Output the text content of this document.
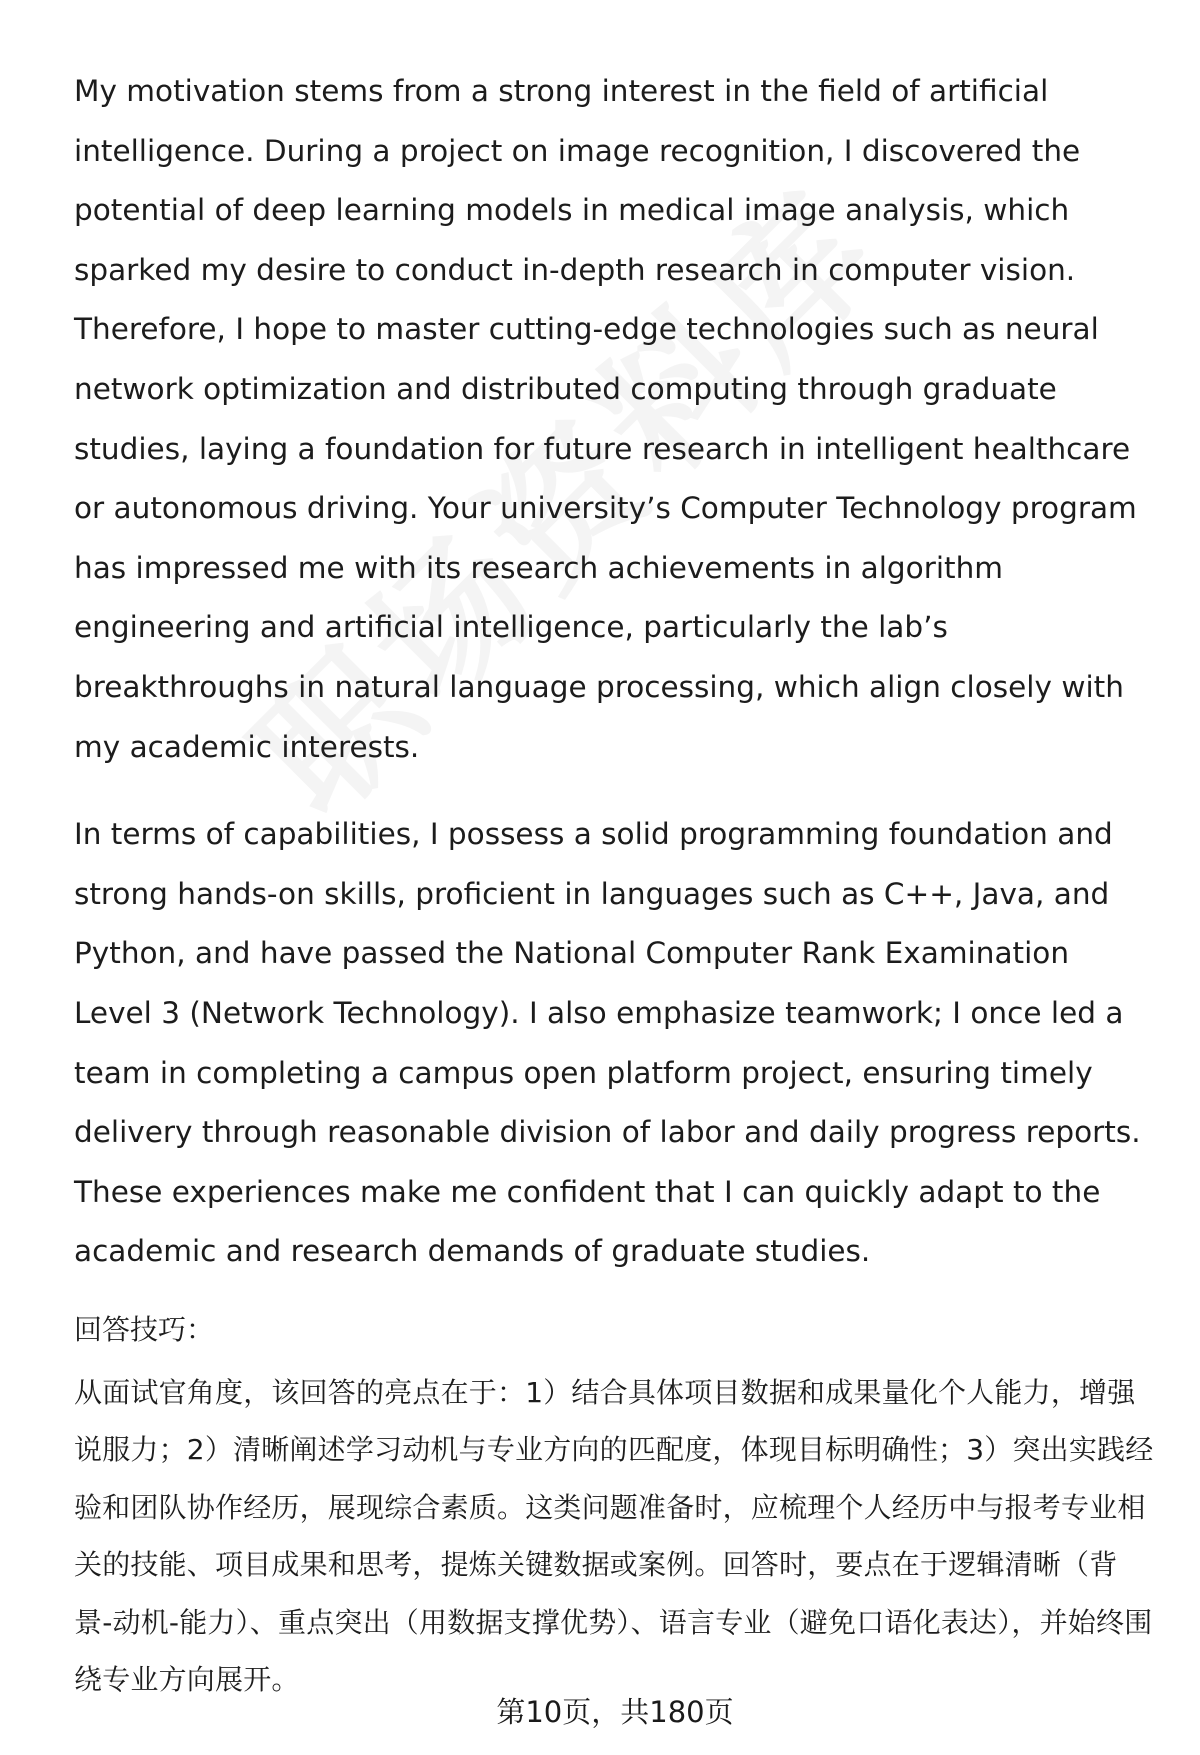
My motivation stems from a strong interest in the field of artificial intelligence. During a project on image recognition, I discovered the potential of deep learning models in medical image analysis, which sparked my desire to conduct in-depth research in computer vision. Therefore, I hope to master cutting-edge technologies such as neural network optimization and distributed computing through graduate studies, laying a foundation for future research in intelligent healthcare or autonomous driving. Your university’s Computer Technology program has impressed me with its research achievements in algorithm engineering and artificial intelligence, particularly the lab’s breakthroughs in natural language processing, which align closely with my academic interests.

In terms of capabilities, I possess a solid programming foundation and strong hands-on skills, proficient in languages such as C++, Java, and Python, and have passed the National Computer Rank Examination Level 3 (Network Technology). I also emphasize teamwork; I once led a team in completing a campus open platform project, ensuring timely delivery through reasonable division of labor and daily progress reports. These experiences make me confident that I can quickly adapt to the academic and research demands of graduate studies.

回答技巧：

从面试官角度，该回答的亮点在于：1）结合具体项目数据和成果量化个人能力，增强说服力；2）清晰阐述学习动机与专业方向的匹配度，体现目标明确性；3）突出实践经验和团队协作经历，展现综合素质。这类问题准备时，应梳理个人经历中与报考专业相关的技能、项目成果和思考，提炼关键数据或案例。回答时，要点在于逻辑清晰（背景-动机-能力）、重点突出（用数据支撑优势）、语言专业（避免口语化表达），并始终围绕专业方向展开。

第10页，共180页
